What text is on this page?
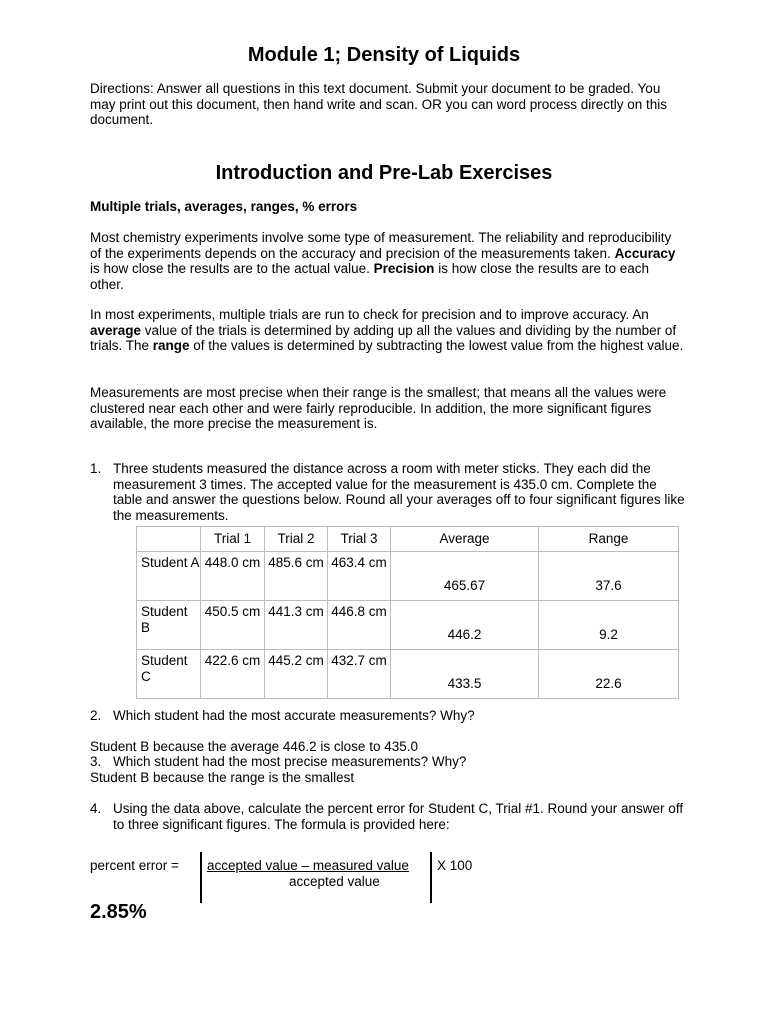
Module 1; Density of Liquids

Directions: Answer all questions in this text document. Submit your document to be graded. You may print out this document, then hand write and scan. OR you can word process directly on this document.

Introduction and Pre-Lab Exercises

Multiple trials, averages, ranges, % errors

Most chemistry experiments involve some type of measurement. The reliability and reproducibility of the experiments depends on the accuracy and precision of the measurements taken. Accuracy is how close the results are to the actual value. Precision is how close the results are to each other.

In most experiments, multiple trials are run to check for precision and to improve accuracy. An average value of the trials is determined by adding up all the values and dividing by the number of trials. The range of the values is determined by subtracting the lowest value from the highest value.

Measurements are most precise when their range is the smallest; that means all the values were clustered near each other and were fairly reproducible. In addition, the more significant figures available, the more precise the measurement is.

1. Three students measured the distance across a room with meter sticks. They each did the measurement 3 times. The accepted value for the measurement is 435.0 cm. Complete the table and answer the questions below. Round all your averages off to four significant figures like the measurements.
	Trial 1	Trial 2	Trial 3	Average	Range
Student A	448.0 cm	485.6 cm	463.4 cm	465.67	37.6
Student B	450.5 cm	441.3 cm	446.8 cm	446.2	9.2
Student C	422.6 cm	445.2 cm	432.7 cm	433.5	22.6
2. Which student had the most accurate measurements? Why?

Student B because the average 446.2 is close to 435.0

3. Which student had the most precise measurements? Why?

Student B because the range is the smallest

4. Using the data above, calculate the percent error for Student C, Trial #1. Round your answer off to three significant figures. The formula is provided here:
percent error = accepted value – measured value
accepted value
X 100
2.85%
